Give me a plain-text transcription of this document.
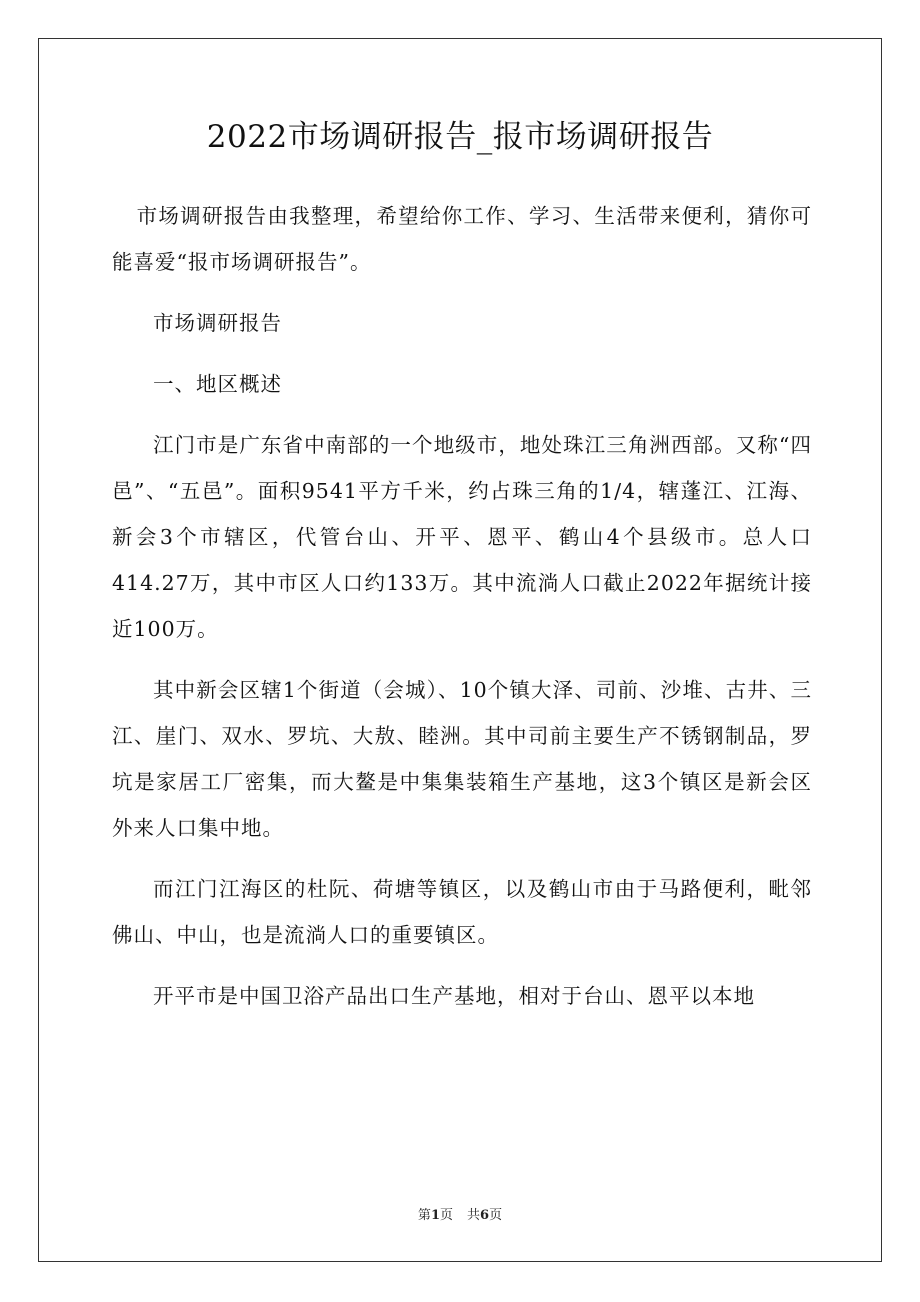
2022市场调研报告_报市场调研报告

市场调研报告由我整理，希望给你工作、学习、生活带来便利，猜你可能喜爱“报市场调研报告”。

市场调研报告

一、地区概述

江门市是广东省中南部的一个地级市，地处珠江三角洲西部。又称“四邑”、“五邑”。面积9541平方千米，约占珠三角的1/4，辖蓬江、江海、新会3个市辖区，代管台山、开平、恩平、鹤山4个县级市。总人口414.27万，其中市区人口约133万。其中流淌人口截止2022年据统计接近100万。

其中新会区辖1个街道（会城）、10个镇大泽、司前、沙堆、古井、三江、崖门、双水、罗坑、大敖、睦洲。其中司前主要生产不锈钢制品，罗坑是家居工厂密集，而大鳌是中集集装箱生产基地，这3个镇区是新会区外来人口集中地。

而江门江海区的杜阮、荷塘等镇区，以及鹤山市由于马路便利，毗邻佛山、中山，也是流淌人口的重要镇区。

开平市是中国卫浴产品出口生产基地，相对于台山、恩平以本地

第1页 共6页
